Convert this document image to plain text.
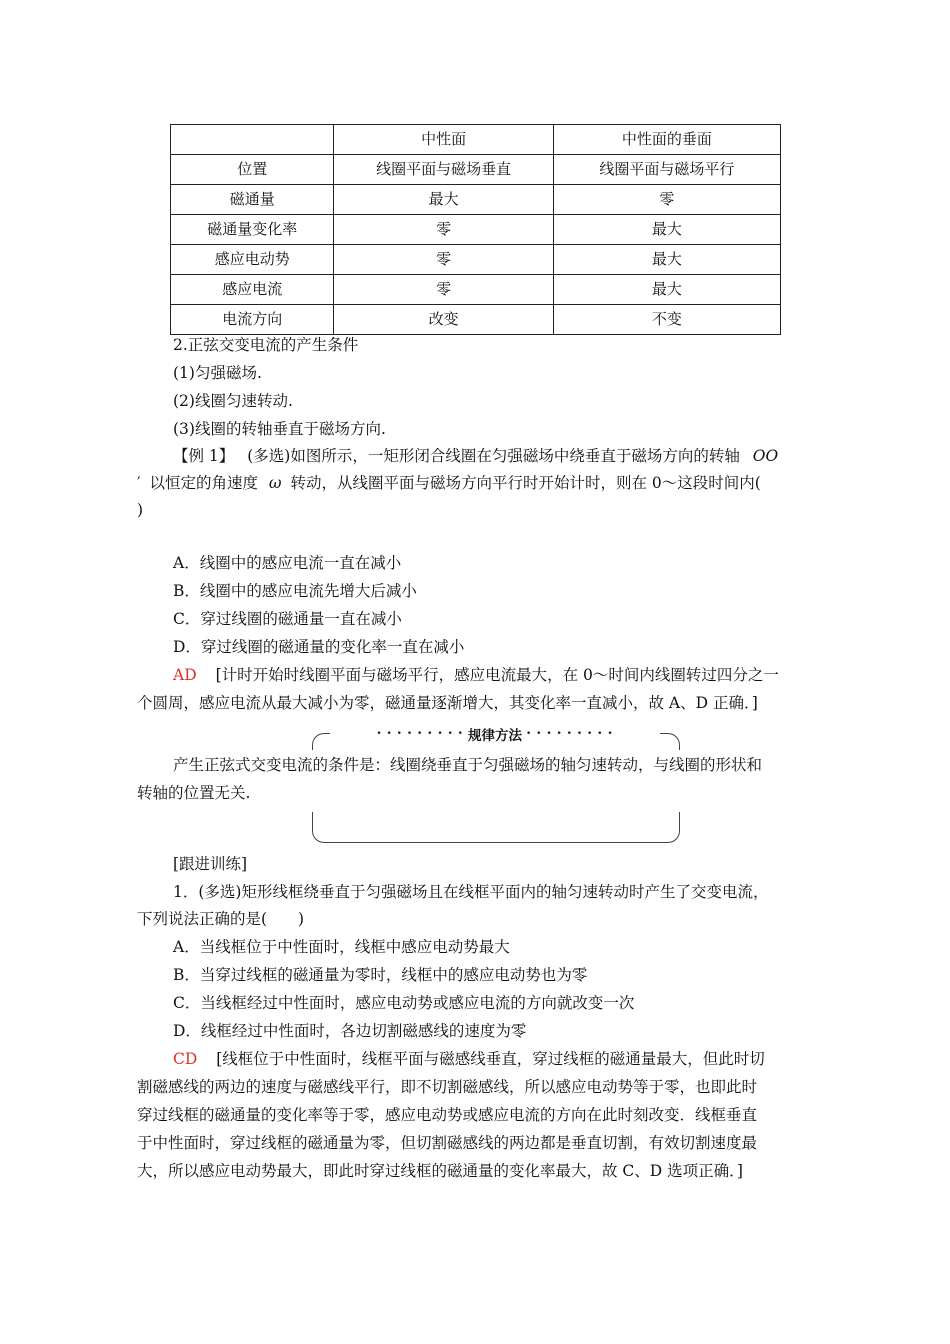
	中性面	中性面的垂面
位置	线圈平面与磁场垂直	线圈平面与磁场平行
磁通量	最大	零
磁通量变化率	零	最大
感应电动势	零	最大
感应电流	零	最大
电流方向	改变	不变
2.正弦交变电流的产生条件
(1)匀强磁场.
(2)线圈匀速转动.
(3)线圈的转轴垂直于磁场方向.
【例 1】 (多选)如图所示，一矩形闭合线圈在匀强磁场中绕垂直于磁场方向的转轴 OO
′ 以恒定的角速度 ω 转动，从线圈平面与磁场方向平行时开始计时，则在 0～这段时间内(
)
A．线圈中的感应电流一直在减小
B．线圈中的感应电流先增大后减小
C．穿过线圈的磁通量一直在减小
D．穿过线圈的磁通量的变化率一直在减小
AD [计时开始时线圈平面与磁场平行，感应电流最大，在 0～时间内线圈转过四分之一
个圆周，感应电流从最大减小为零，磁通量逐渐增大，其变化率一直减小，故 A、D 正确．]
• • • • • • • • • 规律方法 • • • • • • • • •
产生正弦式交变电流的条件是：线圈绕垂直于匀强磁场的轴匀速转动，与线圈的形状和
转轴的位置无关.
[跟进训练]
1．(多选)矩形线框绕垂直于匀强磁场且在线框平面内的轴匀速转动时产生了交变电流，
下列说法正确的是(　　)
A．当线框位于中性面时，线框中感应电动势最大
B．当穿过线框的磁通量为零时，线框中的感应电动势也为零
C．当线框经过中性面时，感应电动势或感应电流的方向就改变一次
D．线框经过中性面时，各边切割磁感线的速度为零
CD [线框位于中性面时，线框平面与磁感线垂直，穿过线框的磁通量最大，但此时切
割磁感线的两边的速度与磁感线平行，即不切割磁感线，所以感应电动势等于零，也即此时
穿过线框的磁通量的变化率等于零，感应电动势或感应电流的方向在此时刻改变．线框垂直
于中性面时，穿过线框的磁通量为零，但切割磁感线的两边都是垂直切割，有效切割速度最
大，所以感应电动势最大，即此时穿过线框的磁通量的变化率最大，故 C、D 选项正确．]
